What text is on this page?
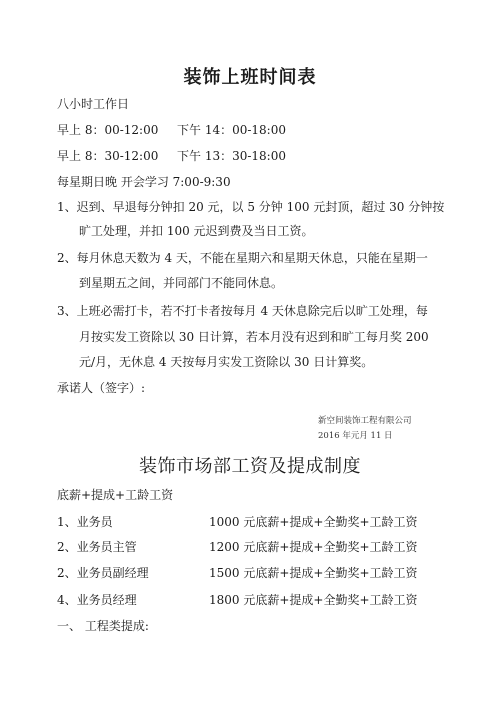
装饰上班时间表
八小时工作日
早上 8：00-12:00 下午 14：00-18:00
早上 8：30-12:00 下午 13：30-18:00
每星期日晚 开会学习 7:00-9:30
1、迟到、早退每分钟扣 20 元，以 5 分钟 100 元封顶，超过 30 分钟按
旷工处理，并扣 100 元迟到费及当日工资。
2、每月休息天数为 4 天，不能在星期六和星期天休息，只能在星期一
到星期五之间，并同部门不能同休息。
3、上班必需打卡，若不打卡者按每月 4 天休息除完后以旷工处理，每
月按实发工资除以 30 日计算，若本月没有迟到和旷工每月奖 200
元/月，无休息 4 天按每月实发工资除以 30 日计算奖。
承诺人（签字）:
新空间装饰工程有限公司
2016 年元月 11 日
装饰市场部工资及提成制度
底薪+提成+工龄工资
1、业务员	1000 元底薪+提成+全勤奖+工龄工资
2、业务员主管	1200 元底薪+提成+全勤奖+工龄工资
2、业务员副经理	1500 元底薪+提成+全勤奖+工龄工资
4、业务员经理	1800 元底薪+提成+全勤奖+工龄工资
一、 工程类提成:
